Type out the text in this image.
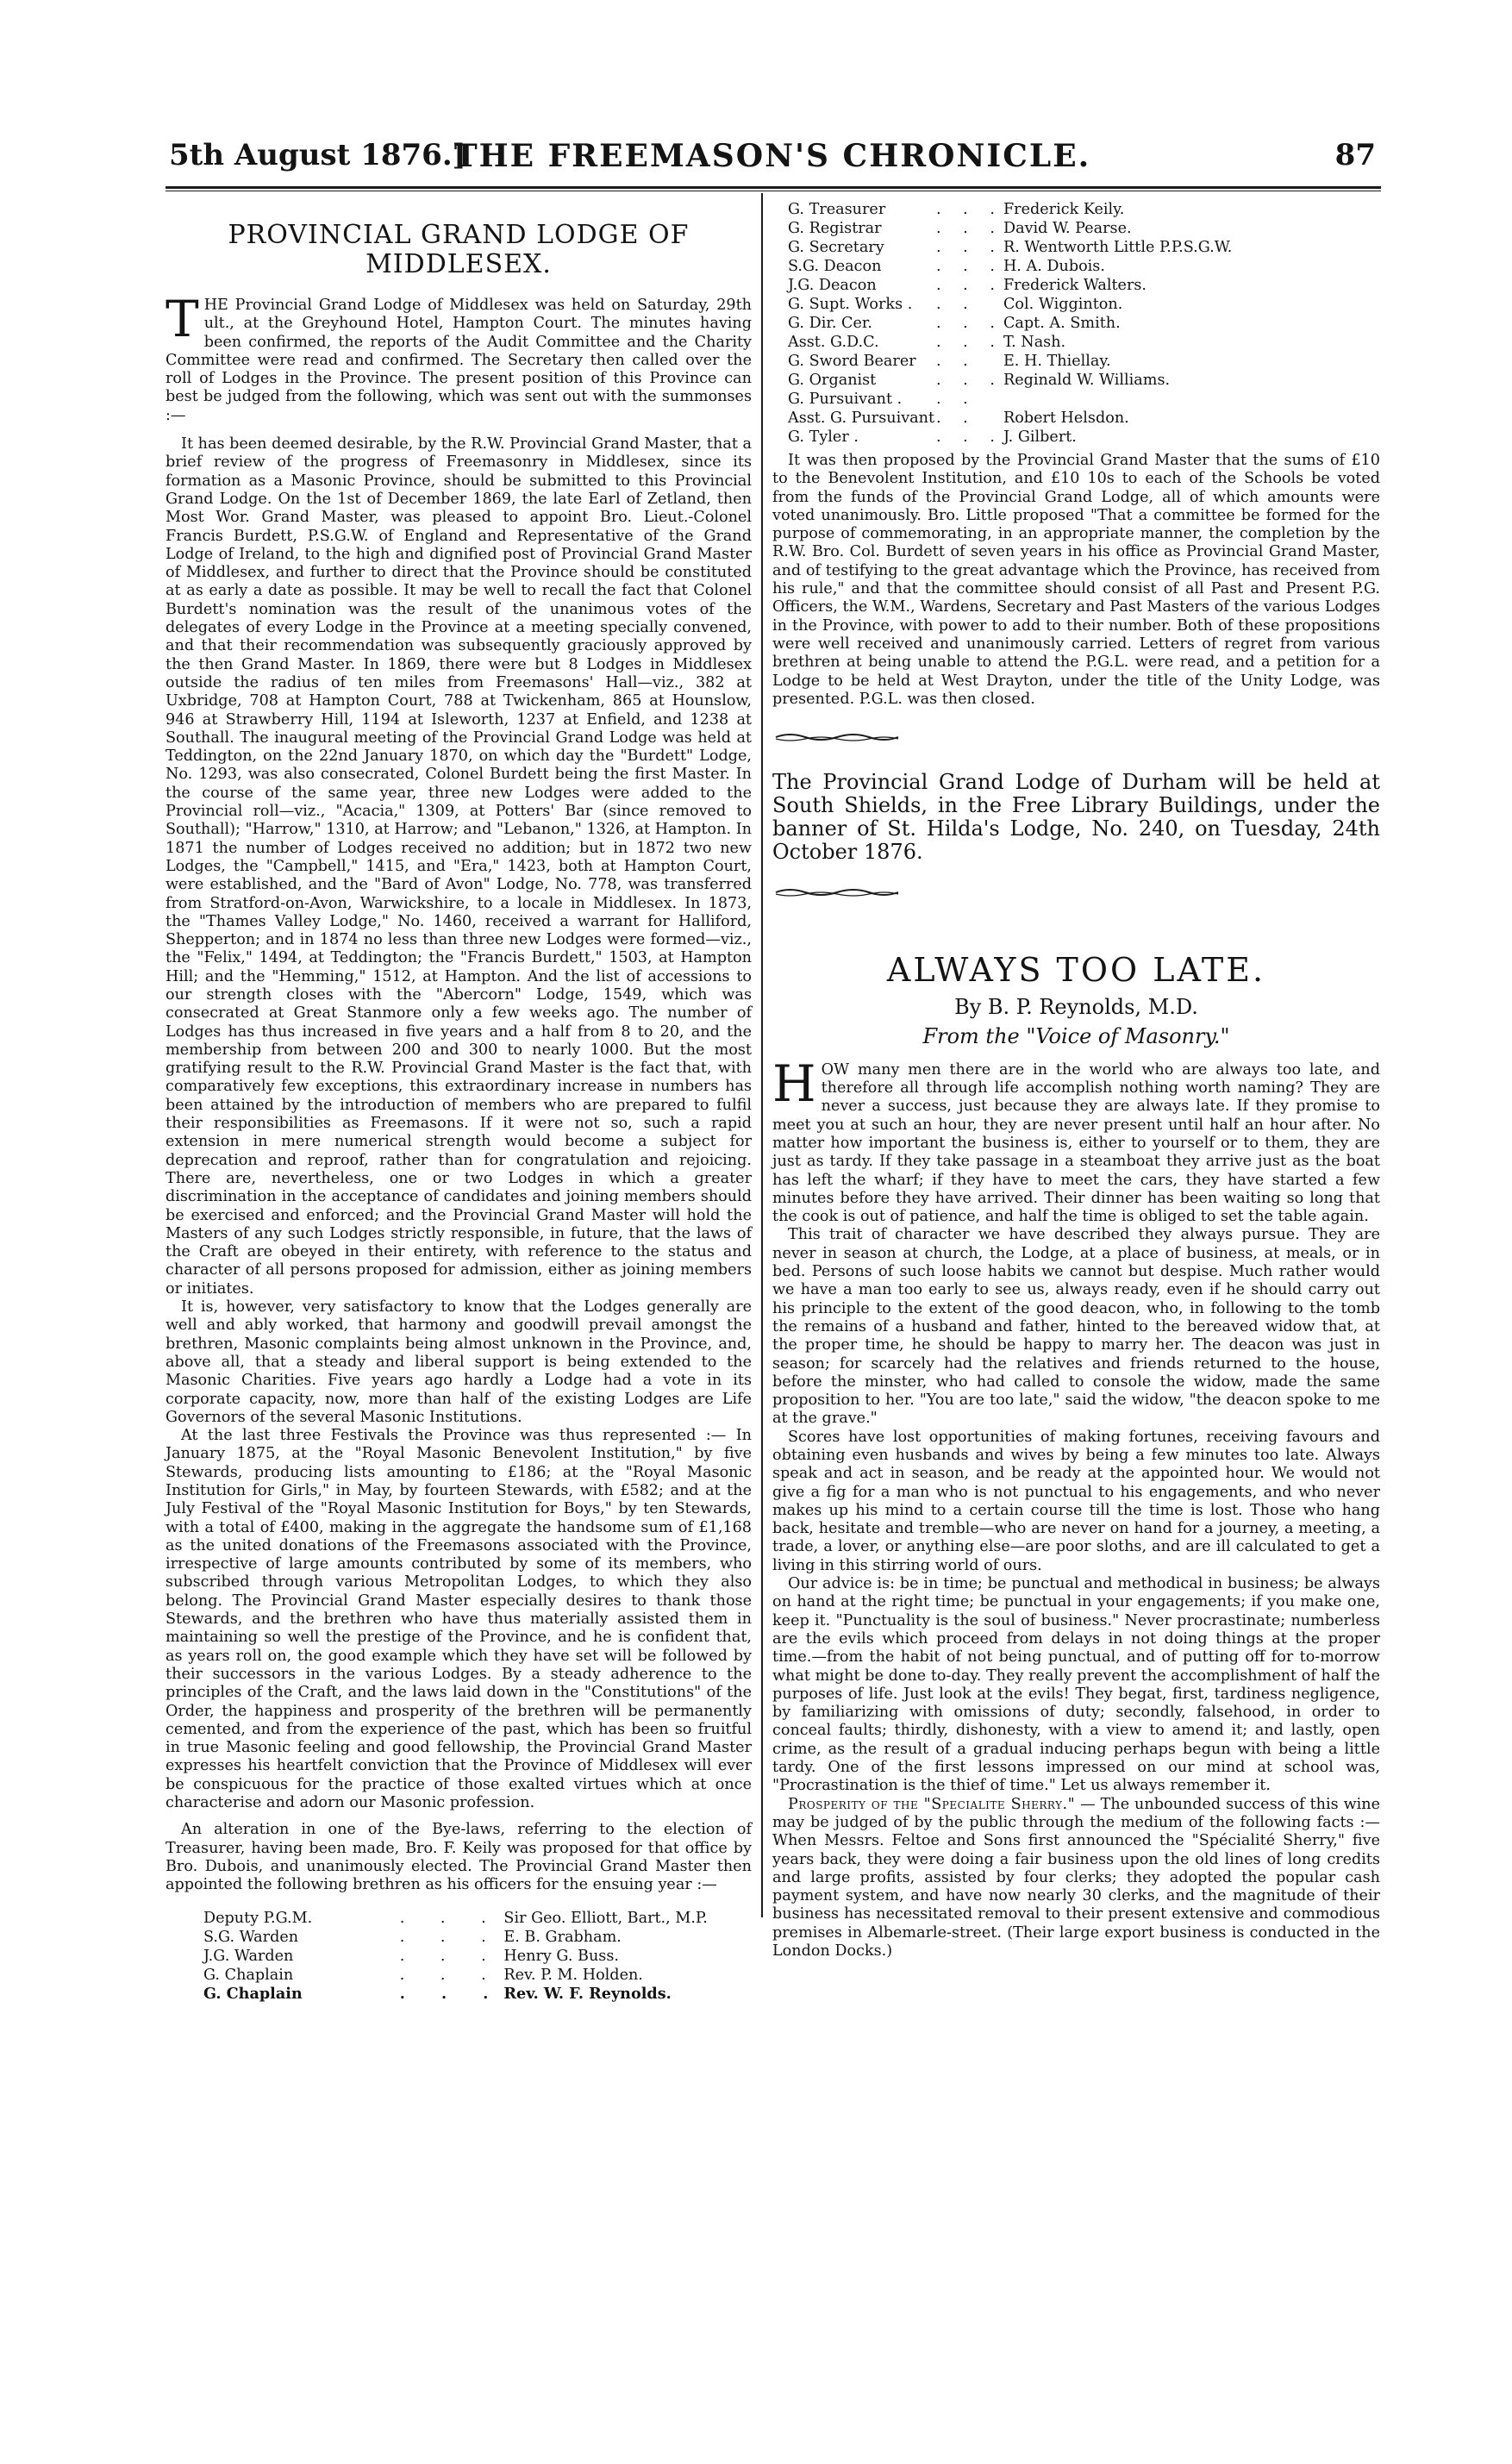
5th August 1876.]
THE FREEMASON'S CHRONICLE.	87
PROVINCIAL GRAND LODGE OF MIDDLESEX.

THE Provincial Grand Lodge of Middlesex was held on Saturday, 29th ult., at the Greyhound Hotel, Hampton Court. The minutes having been confirmed, the reports of the Audit Committee and the Charity Committee were read and confirmed. The Secretary then called over the roll of Lodges in the Province. The present position of this Province can best be judged from the following, which was sent out with the summonses :—

It has been deemed desirable, by the R.W. Provincial Grand Master, that a brief review of the progress of Freemasonry in Middlesex, since its formation as a Masonic Province, should be submitted to this Provincial Grand Lodge. On the 1st of December 1869, the late Earl of Zetland, then Most Wor. Grand Master, was pleased to appoint Bro. Lieut.-Colonel Francis Burdett, P.S.G.W. of England and Representative of the Grand Lodge of Ireland, to the high and dignified post of Provincial Grand Master of Middlesex, and further to direct that the Province should be constituted at as early a date as possible. It may be well to recall the fact that Colonel Burdett's nomination was the result of the unanimous votes of the delegates of every Lodge in the Province at a meeting specially convened, and that their recommendation was subsequently graciously approved by the then Grand Master. In 1869, there were but 8 Lodges in Middlesex outside the radius of ten miles from Freemasons' Hall—viz., 382 at Uxbridge, 708 at Hampton Court, 788 at Twickenham, 865 at Hounslow, 946 at Strawberry Hill, 1194 at Isleworth, 1237 at Enfield, and 1238 at Southall. The inaugural meeting of the Provincial Grand Lodge was held at Teddington, on the 22nd January 1870, on which day the "Burdett" Lodge, No. 1293, was also consecrated, Colonel Burdett being the first Master. In the course of the same year, three new Lodges were added to the Provincial roll—viz., "Acacia," 1309, at Potters' Bar (since removed to Southall); "Harrow," 1310, at Harrow; and "Lebanon," 1326, at Hampton. In 1871 the number of Lodges received no addition; but in 1872 two new Lodges, the "Campbell," 1415, and "Era," 1423, both at Hampton Court, were established, and the "Bard of Avon" Lodge, No. 778, was transferred from Stratford-on-Avon, Warwickshire, to a locale in Middlesex. In 1873, the "Thames Valley Lodge," No. 1460, received a warrant for Halliford, Shepperton; and in 1874 no less than three new Lodges were formed—viz., the "Felix," 1494, at Teddington; the "Francis Burdett," 1503, at Hampton Hill; and the "Hemming," 1512, at Hampton. And the list of accessions to our strength closes with the "Abercorn" Lodge, 1549, which was consecrated at Great Stanmore only a few weeks ago. The number of Lodges has thus increased in five years and a half from 8 to 20, and the membership from between 200 and 300 to nearly 1000. But the most gratifying result to the R.W. Provincial Grand Master is the fact that, with comparatively few exceptions, this extraordinary increase in numbers has been attained by the introduction of members who are prepared to fulfil their responsibilities as Freemasons. If it were not so, such a rapid extension in mere numerical strength would become a subject for deprecation and reproof, rather than for congratulation and rejoicing. There are, nevertheless, one or two Lodges in which a greater discrimination in the acceptance of candidates and joining members should be exercised and enforced; and the Provincial Grand Master will hold the Masters of any such Lodges strictly responsible, in future, that the laws of the Craft are obeyed in their entirety, with reference to the status and character of all persons proposed for admission, either as joining members or initiates.

It is, however, very satisfactory to know that the Lodges generally are well and ably worked, that harmony and goodwill prevail amongst the brethren, Masonic complaints being almost unknown in the Province, and, above all, that a steady and liberal support is being extended to the Masonic Charities. Five years ago hardly a Lodge had a vote in its corporate capacity, now, more than half of the existing Lodges are Life Governors of the several Masonic Institutions.

At the last three Festivals the Province was thus represented :— In January 1875, at the "Royal Masonic Benevolent Institution," by five Stewards, producing lists amounting to £186; at the "Royal Masonic Institution for Girls," in May, by fourteen Stewards, with £582; and at the July Festival of the "Royal Masonic Institution for Boys," by ten Stewards, with a total of £400, making in the aggregate the handsome sum of £1,168 as the united donations of the Freemasons associated with the Province, irrespective of large amounts contributed by some of its members, who subscribed through various Metropolitan Lodges, to which they also belong. The Provincial Grand Master especially desires to thank those Stewards, and the brethren who have thus materially assisted them in maintaining so well the prestige of the Province, and he is confident that, as years roll on, the good example which they have set will be followed by their successors in the various Lodges. By a steady adherence to the principles of the Craft, and the laws laid down in the "Constitutions" of the Order, the happiness and prosperity of the brethren will be permanently cemented, and from the experience of the past, which has been so fruitful in true Masonic feeling and good fellowship, the Provincial Grand Master expresses his heartfelt conviction that the Province of Middlesex will ever be conspicuous for the practice of those exalted virtues which at once characterise and adorn our Masonic profession.

An alteration in one of the Bye-laws, referring to the election of Treasurer, having been made, Bro. F. Keily was proposed for that office by Bro. Dubois, and unanimously elected. The Provincial Grand Master then appointed the following brethren as his officers for the ensuing year :—

Deputy P.G.M.	. . .	Sir Geo. Elliott, Bart., M.P.
S.G. Warden	. . .	E. B. Grabham.
J.G. Warden	. . .	Henry G. Buss.
G. Chaplain	. . .	Rev. P. M. Holden.
G. Chaplain	. . .	Rev. W. F. Reynolds.
G. Treasurer	. . .	Frederick Keily.
G. Registrar	. . .	David W. Pearse.
G. Secretary	. . .	R. Wentworth Little P.P.S.G.W.
S.G. Deacon	. . .	H. A. Dubois.
J.G. Deacon	. . .	Frederick Walters.
G. Supt. Works .	. .	Col. Wigginton.
G. Dir. Cer.	. . .	Capt. A. Smith.
Asst. G.D.C.	. . .	T. Nash.
G. Sword Bearer	. .	E. H. Thiellay.
G. Organist	. . .	Reginald W. Williams.
G. Pursuivant .	. .	
Asst. G. Pursuivant	. .	Robert Helsdon.
G. Tyler .	. . .	J. Gilbert.

It was then proposed by the Provincial Grand Master that the sums of £10 to the Benevolent Institution, and £10 10s to each of the Schools be voted from the funds of the Provincial Grand Lodge, all of which amounts were voted unanimously. Bro. Little proposed "That a committee be formed for the purpose of commemorating, in an appropriate manner, the completion by the R.W. Bro. Col. Burdett of seven years in his office as Provincial Grand Master, and of testifying to the great advantage which the Province, has received from his rule," and that the committee should consist of all Past and Present P.G. Officers, the W.M., Wardens, Secretary and Past Masters of the various Lodges in the Province, with power to add to their number. Both of these propositions were well received and unanimously carried. Letters of regret from various brethren at being unable to attend the P.G.L. were read, and a petition for a Lodge to be held at West Drayton, under the title of the Unity Lodge, was presented. P.G.L. was then closed.

The Provincial Grand Lodge of Durham will be held at South Shields, in the Free Library Buildings, under the banner of St. Hilda's Lodge, No. 240, on Tuesday, 24th October 1876.

ALWAYS TOO LATE.
By B. P. Reynolds, M.D.
From the "Voice of Masonry."

HOW many men there are in the world who are always too late, and therefore all through life accomplish nothing worth naming? They are never a success, just because they are always late. If they promise to meet you at such an hour, they are never present until half an hour after. No matter how important the business is, either to yourself or to them, they are just as tardy. If they take passage in a steamboat they arrive just as the boat has left the wharf; if they have to meet the cars, they have started a few minutes before they have arrived. Their dinner has been waiting so long that the cook is out of patience, and half the time is obliged to set the table again.

This trait of character we have described they always pursue. They are never in season at church, the Lodge, at a place of business, at meals, or in bed. Persons of such loose habits we cannot but despise. Much rather would we have a man too early to see us, always ready, even if he should carry out his principle to the extent of the good deacon, who, in following to the tomb the remains of a husband and father, hinted to the bereaved widow that, at the proper time, he should be happy to marry her. The deacon was just in season; for scarcely had the relatives and friends returned to the house, before the minster, who had called to console the widow, made the same proposition to her. "You are too late," said the widow, "the deacon spoke to me at the grave."

Scores have lost opportunities of making fortunes, receiving favours and obtaining even husbands and wives by being a few minutes too late. Always speak and act in season, and be ready at the appointed hour. We would not give a fig for a man who is not punctual to his engagements, and who never makes up his mind to a certain course till the time is lost. Those who hang back, hesitate and tremble—who are never on hand for a journey, a meeting, a trade, a lover, or anything else—are poor sloths, and are ill calculated to get a living in this stirring world of ours.

Our advice is: be in time; be punctual and methodical in business; be always on hand at the right time; be punctual in your engagements; if you make one, keep it. "Punctuality is the soul of business." Never procrastinate; numberless are the evils which proceed from delays in not doing things at the proper time.—from the habit of not being punctual, and of putting off for to-morrow what might be done to-day. They really prevent the accomplishment of half the purposes of life. Just look at the evils! They begat, first, tardiness negligence, by familiarizing with omissions of duty; secondly, falsehood, in order to conceal faults; thirdly, dishonesty, with a view to amend it; and lastly, open crime, as the result of a gradual inducing perhaps begun with being a little tardy. One of the first lessons impressed on our mind at school was, "Procrastination is the thief of time." Let us always remember it.

Prosperity of the "Specialite Sherry." — The unbounded success of this wine may be judged of by the public through the medium of the following facts :—When Messrs. Feltoe and Sons first announced the "Spécialité Sherry," five years back, they were doing a fair business upon the old lines of long credits and large profits, assisted by four clerks; they adopted the popular cash payment system, and have now nearly 30 clerks, and the magnitude of their business has necessitated removal to their present extensive and commodious premises in Albemarle-street. (Their large export business is conducted in the London Docks.)
